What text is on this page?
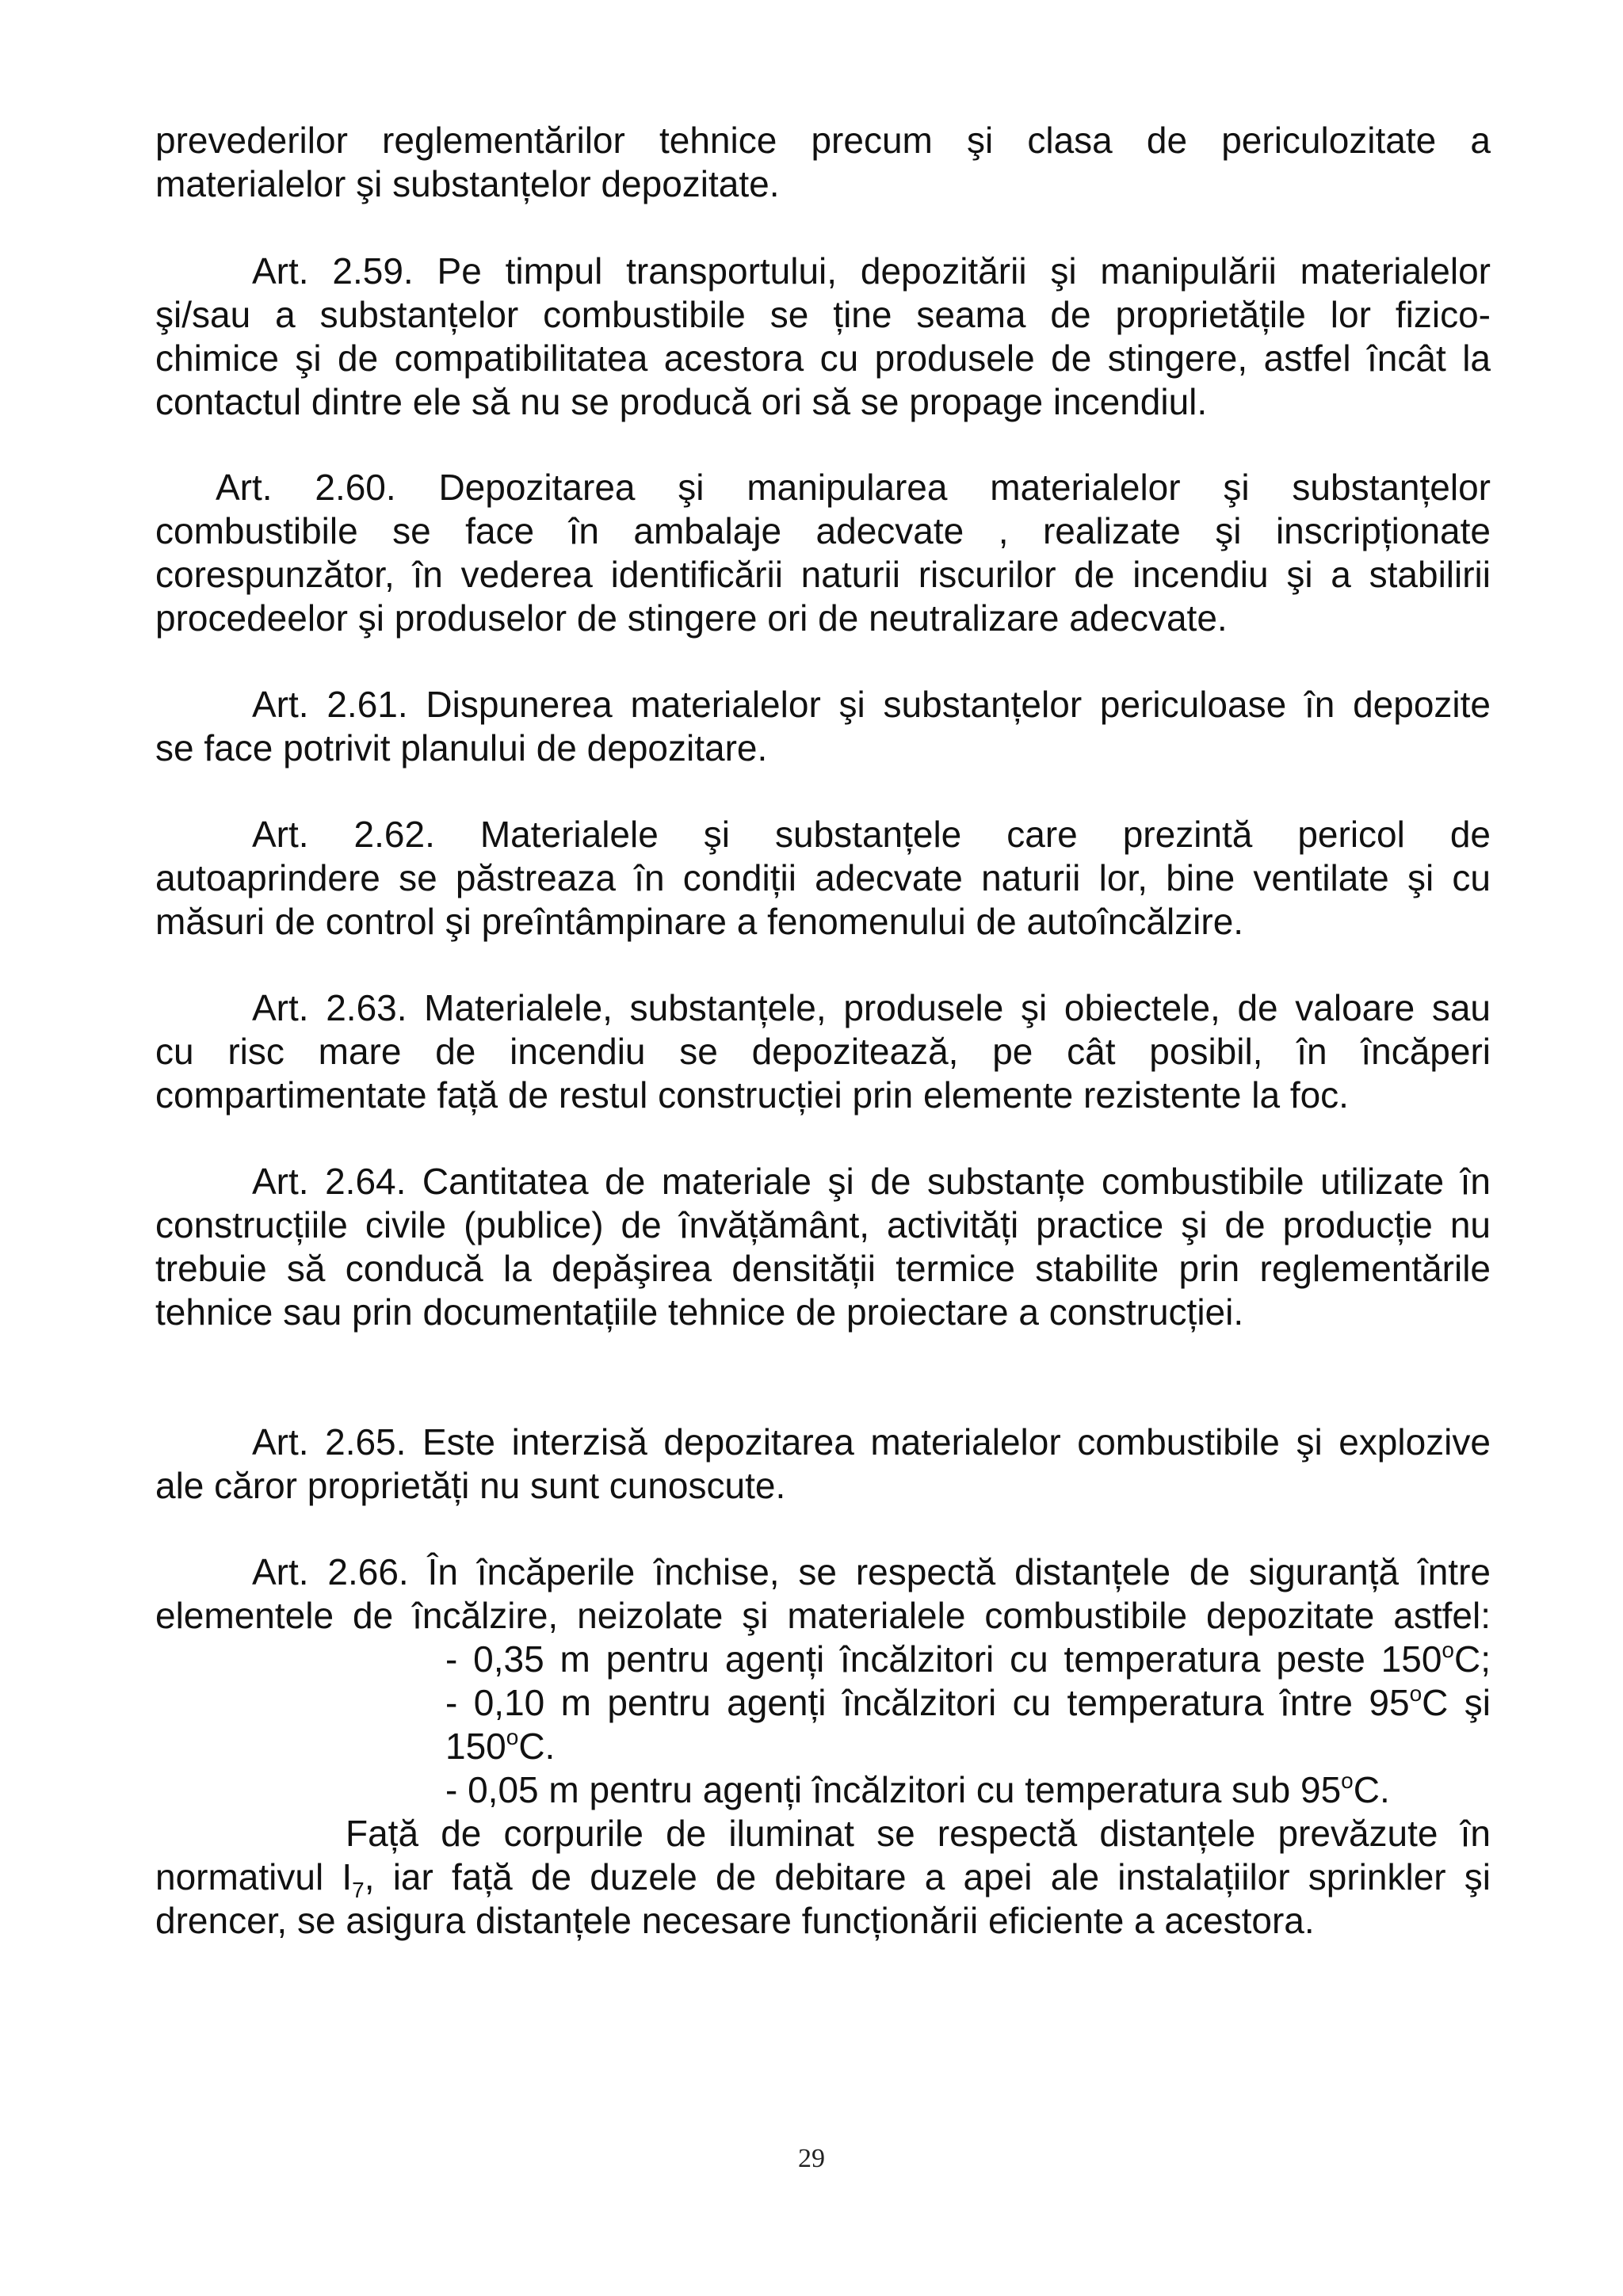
prevederilor reglementărilor tehnice precum şi clasa de periculozitate a
materialelor şi substanțelor depozitate.
Art. 2.59. Pe timpul transportului, depozitării şi manipulării materialelor
şi/sau a substanțelor combustibile se ține seama de proprietățile lor fizico-
chimice şi de compatibilitatea acestora cu produsele de stingere, astfel încât la
contactul dintre ele să nu se producă ori să se propage incendiul.
Art. 2.60. Depozitarea şi manipularea materialelor şi substanțelor
combustibile se face în ambalaje adecvate , realizate şi inscripționate
corespunzător, în vederea identificării naturii riscurilor de incendiu şi a stabilirii
procedeelor şi produselor de stingere ori de neutralizare adecvate.
Art. 2.61. Dispunerea materialelor şi substanțelor periculoase în depozite
se face potrivit planului de depozitare.
Art. 2.62. Materialele şi substanțele care prezintă pericol de
autoaprindere se păstreaza în condiții adecvate naturii lor, bine ventilate şi cu
măsuri de control şi preîntâmpinare a fenomenului de autoîncălzire.
Art. 2.63. Materialele, substanțele, produsele şi obiectele, de valoare sau
cu risc mare de incendiu se depozitează, pe cât posibil, în încăperi
compartimentate față de restul construcției prin elemente rezistente la foc.
Art. 2.64. Cantitatea de materiale şi de substanțe combustibile utilizate în
construcțiile civile (publice) de învățământ, activități practice şi de producție nu
trebuie să conducă la depăşirea densității termice stabilite prin reglementările
tehnice sau prin documentațiile tehnice de proiectare a construcției.
Art. 2.65. Este interzisă depozitarea materialelor combustibile şi explozive
ale căror proprietăți nu sunt cunoscute.
Art. 2.66. În încăperile închise, se respectă distanțele de siguranță între
elementele de încălzire, neizolate şi materialele combustibile depozitate astfel:
- 0,35 m pentru agenți încălzitori cu temperatura peste 150$^o$C;
- 0,10 m pentru agenți încălzitori cu temperatura între 95$^o$C şi
150$^o$C.
- 0,05 m pentru agenți încălzitori cu temperatura sub 95$^o$C.
Față de corpurile de iluminat se respectă distanțele prevăzute în
normativul $I_7$, iar față de duzele de debitare a apei ale instalațiilor sprinkler şi
drencer, se asigura distanțele necesare funcționării eficiente a acestora.
29
